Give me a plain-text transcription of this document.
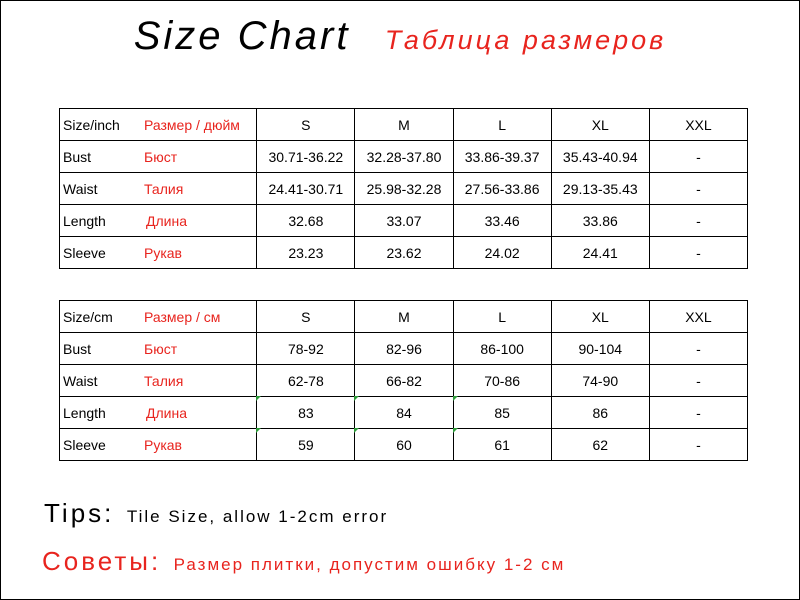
Size Chart Таблица размеров
Size/inch Размер / дюйм	S	M	L	XL	XXL
Bust Бюст	30.71-36.22	32.28-37.80	33.86-39.37	35.43-40.94	-
Waist Талия	24.41-30.71	25.98-32.28	27.56-33.86	29.13-35.43	-
Length Длина	32.68	33.07	33.46	33.86	-
Sleeve Рукав	23.23	23.62	24.02	24.41	-
Size/cm Размер / см	S	M	L	XL	XXL
Bust Бюст	78-92	82-96	86-100	90-104	-
Waist Талия	62-78	66-82	70-86	74-90	-
Length Длина	83	84	85	86	-
Sleeve Рукав	59	60	61	62	-
Tips: Tile Size, allow 1-2cm error
Советы: Размер плитки, допустим ошибку 1-2 см
